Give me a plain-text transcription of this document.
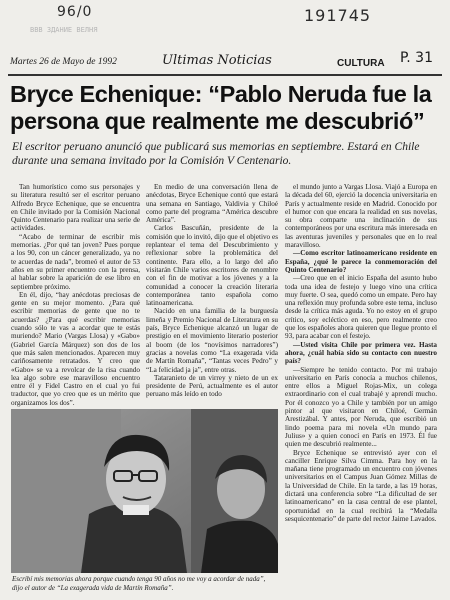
96/0	191745
ВВВ ЗДАНИЕ ВЕЛНЯ
Martes 26 de Mayo de 1992	Ultimas Noticias	CULTURA P. 31
Bryce Echenique: “Pablo Neruda fue la persona que realmente me descubrió”
El escritor peruano anunció que publicará sus memorias en septiembre. Estará en Chile durante una semana invitado por la Comisión V Centenario.

Tan humorístico como sus personajes y su literatura resultó ser el escritor peruano Alfredo Bryce Echenique, que se encuentra en Chile invitado por la Comisión Nacional Quinto Centenario para realizar una serie de actividades.

“Acabo de terminar de escribir mis memorias. ¿Por qué tan joven? Pues porque a los 90, con un cáncer generalizado, ya no te acuerdas de nada”, bromeó el autor de 53 años en su primer encuentro con la prensa, al hablar sobre la aparición de ese libro en septiembre próximo.

En él, dijo, “hay anécdotas preciosas de gente en su mejor momento. ¿Para qué escribir memorias de gente que no te acuerdas? ¿Para qué escribir memorias cuando sólo te vas a acordar que te estás muriendo? Mario (Vargas Llosa) y «Gabo» (Gabriel García Márquez) son dos de los que más salen mencionados. Aparecen muy cariñosamente retratados. Y creo que «Gabo» se va a revolcar de la risa cuando lea algo sobre ese maravilloso encuentro entre él y Fidel Castro en el cual yo fui traductor, que yo creo que es un mérito que organizamos los dos”.

En medio de una conversación llena de anécdotas, Bryce Echenique contó que estará una semana en Santiago, Valdivia y Chiloé como parte del programa “América descubre América”.

Carlos Bascuñán, presidente de la comisión que lo invitó, dijo que el objetivo es replantear el tema del Descubrimiento y reflexionar sobre la problemática del continente. Para ello, a lo largo del año visitarán Chile varios escritores de renombre con el fin de motivar a los jóvenes y a la comunidad a conocer la creación literaria contemporánea tanto española como latinoamericana.

Nacido en una familia de la burguesía limeña y Premio Nacional de Literatura en su país, Bryce Echenique alcanzó un lugar de prestigio en el movimiento literario posterior al boom (de los “novísimos narradores”) gracias a novelas como “La exagerada vida de Martín Romaña”, “Tantas veces Pedro” y “La felicidad ja ja”, entre otras.

Tataranieto de un virrey y nieto de un ex presidente de Perú, actualmente es el autor peruano más leído en todo

el mundo junto a Vargas Llosa. Viajó a Europa en la década del 60, ejerció la docencia universitaria en París y actualmente reside en Madrid. Conocido por el humor con que encara la realidad en sus novelas, su obra comparte una inclinación de sus contemporáneos por una escritura más interesada en las aventuras juveniles y personales que en lo real maravilloso.

—Como escritor latinoamericano residente en España, ¿qué le parece la conmemoración del Quinto Centenario?

—Creo que en el inicio España del asunto hubo toda una idea de festejo y luego vino una crítica muy fuerte. O sea, quedó como un empate. Pero hay una reflexión muy profunda sobre este tema, incluso desde la crítica más aguda. Yo no estoy en el grupo crítico, soy ecléctico en eso, pero realmente creo que los españoles ahora quieren que llegue pronto el 93, para acabar con el festejo.

—Usted visita Chile por primera vez. Hasta ahora, ¿cuál había sido su contacto con nuestro país?

—Siempre he tenido contacto. Por mi trabajo universitario en París conocía a muchos chilenos, entre ellos a Miguel Rojas-Mix, un colega extraordinario con el cual trabajé y aprendí mucho. Por él conozco yo a Chile y también por un amigo pintor al que visitaron en Chiloé, Germán Arestizábal. Y antes, por Neruda, que escribió un lindo poema para mi novela «Un mundo para Julius» y a quien conocí en París en 1973. Él fue quien me descubrió realmente...

Bryce Echenique se entrevistó ayer con el canciller Enrique Silva Cimma. Para hoy en la mañana tiene programado un encuentro con jóvenes universitarios en el Campus Juan Gómez Millas de la Universidad de Chile. En la tarde, a las 19 horas, dictará una conferencia sobre “La dificultad de ser latinoamericano” en la casa central de ese plantel, oportunidad en la cual recibirá la “Medalla sesquicentenario” de parte del rector Jaime Lavados.

Escribí mis memorias ahora porque cuando tenga 90 años no me voy a acordar de nada”, dijo el autor de “La exagerada vida de Martín Romaña”.
